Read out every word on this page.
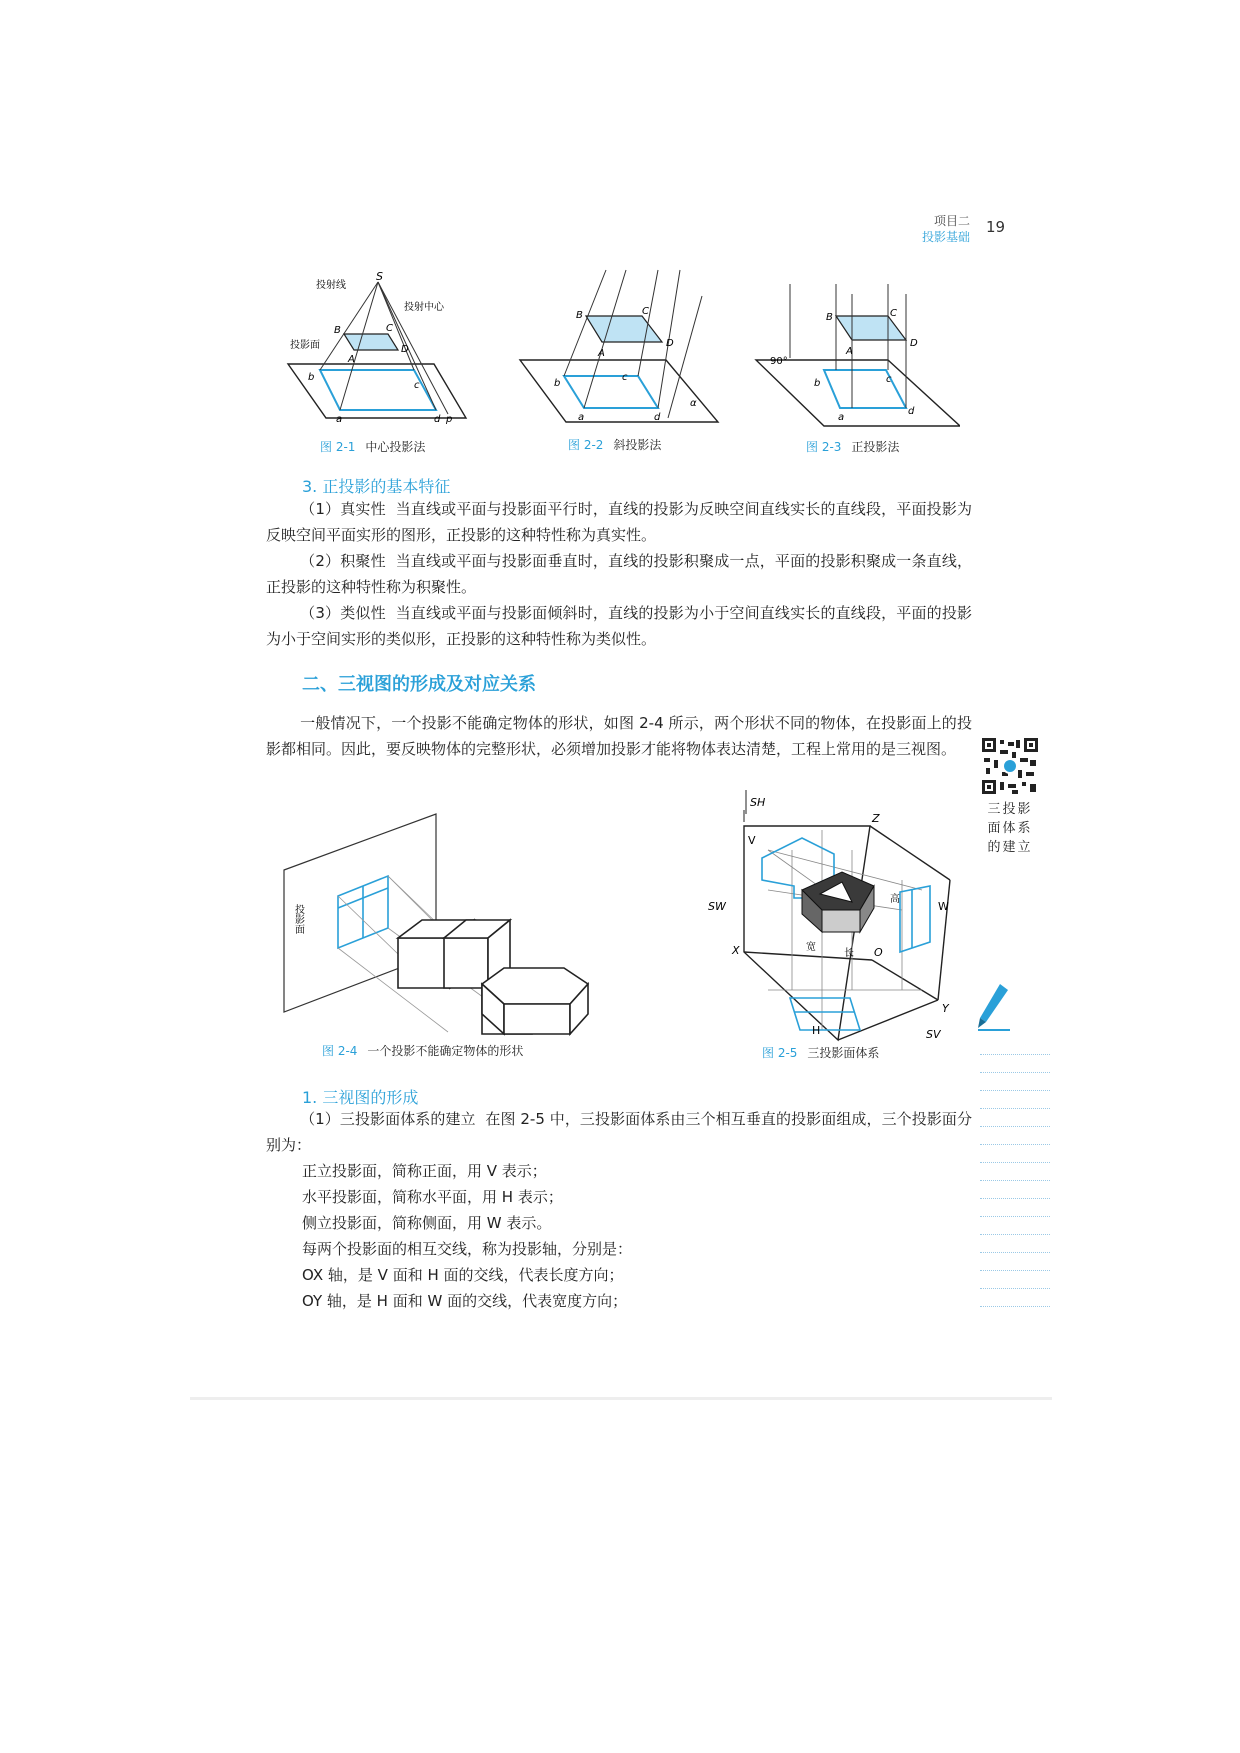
项目二
投影基础
19
S
投射线
投射中心
投影面
B	C
A
D
b
c
a	d p
图 2-1 中心投影法
B	C
A
D
b
c
a	d
α
图 2-2 斜投影法
B	C
A
D
b	c
a
d
90°
图 2-3 正投影法
3. 正投影的基本特征
（1）真实性 当直线或平面与投影面平行时，直线的投影为反映空间直线实长的直线段，平面投影为反映空间平面实形的图形，正投影的这种特性称为真实性。
（2）积聚性 当直线或平面与投影面垂直时，直线的投影积聚成一点，平面的投影积聚成一条直线，正投影的这种特性称为积聚性。
（3）类似性 当直线或平面与投影面倾斜时，直线的投影为小于空间直线实长的直线段，平面的投影为小于空间实形的类似形，正投影的这种特性称为类似性。
二、三视图的形成及对应关系
一般情况下，一个投影不能确定物体的形状，如图 2-4 所示，两个形状不同的物体，在投影面上的投影都相同。因此，要反映物体的完整形状，必须增加投影才能将物体表达清楚，工程上常用的是三视图。
三投影
面体系
的建立
投影面
图 2-4 一个投影不能确定物体的形状
SH
SW
SV
V
H
W
X
Y
Z
O
高
长
宽
图 2-5 三投影面体系
1. 三视图的形成
（1）三投影面体系的建立 在图 2-5 中，三投影面体系由三个相互垂直的投影面组成，三个投影面分别为：
正立投影面，简称正面，用 V 表示；
水平投影面，简称水平面，用 H 表示；
侧立投影面，简称侧面，用 W 表示。
每两个投影面的相互交线，称为投影轴，分别是：
OX 轴，是 V 面和 H 面的交线，代表长度方向；
OY 轴，是 H 面和 W 面的交线，代表宽度方向；
